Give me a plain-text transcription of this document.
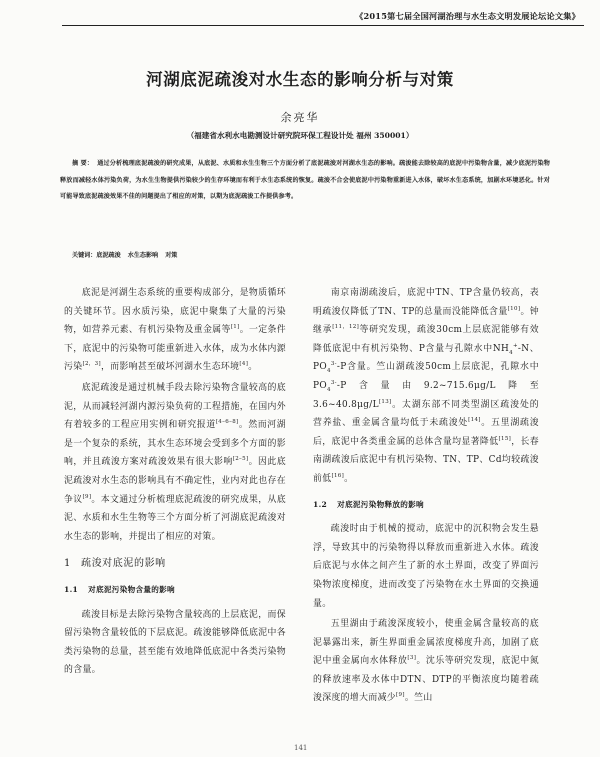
《2015第七届全国河湖治理与水生态文明发展论坛论文集》
河湖底泥疏浚对水生态的影响分析与对策
余亮华
（福建省水利水电勘测设计研究院环保工程设计处 福州 350001）
摘 要： 通过分析梳理底泥疏浚的研究成果，从底泥、水质和水生生物三个方面分析了底泥疏浚对河湖水生态的影响。疏浚能去除较高的底泥中污染物含量，减少底泥污染物释放而减轻水体污染负荷，为水生生物提供污染较少的生存环境而有利于水生态系统的恢复。疏浚不合会使底泥中污染物重新进入水体，破坏水生态系统，加剧水环境恶化。针对可能导致底泥疏浚效果不佳的问题提出了相应的对策，以期为底泥疏浚工作提供参考。
关键词：底泥疏浚 水生态影响 对策

底泥是河湖生态系统的重要构成部分，是物质循环的关键环节。因水质污染，底泥中聚集了大量的污染物，如营养元素、有机污染物及重金属等[1]。一定条件下，底泥中的污染物可能重新进入水体，成为水体内源污染[2，3]，而影响甚至破坏河湖水生态环境[4]。

底泥疏浚是通过机械手段去除污染物含量较高的底泥，从而减轻河湖内源污染负荷的工程措施，在国内外有着较多的工程应用实例和研究报道[4–6–8]。然而河湖是一个复杂的系统，其水生态环境会受到多个方面的影响，并且疏浚方案对疏浚效果有很大影响[2–5]。因此底泥疏浚对水生态的影响具有不确定性，业内对此也存在争议[9]。本文通过分析梳理底泥疏浚的研究成果，从底泥、水质和水生生物等三个方面分析了河湖底泥疏浚对水生态的影响，并提出了相应的对策。

1 疏浚对底泥的影响
1.1 对底泥污染物含量的影响

疏浚目标是去除污染物含量较高的上层底泥，而保留污染物含量较低的下层底泥。疏浚能够降低底泥中各类污染物的总量，甚至能有效地降低底泥中各类污染物的含量。

南京南湖疏浚后，底泥中TN、TP含量仍较高，表明疏浚仅降低了TN、TP的总量而没能降低含量[10]。钟继承[11，12]等研究发现，疏浚30cm上层底泥能够有效降低底泥中有机污染物、P含量与孔隙水中$NH_4^+-N$、$PO_4^{3-}-P$含量。竺山湖疏浚50cm上层底泥，孔隙水中$PO_4^{3-}-P$含量由9.2~715.6μg/L降至3.6~40.8μg/L[13]。太湖东部不同类型湖区疏浚处的营养盐、重金属含量均低于未疏浚处[14]。五里湖疏浚后，底泥中各类重金属的总体含量均显著降低[15]，长春南湖疏浚后底泥中有机污染物、TN、TP、Cd均较疏浚前低[16]。

1.2 对底泥污染物释放的影响

疏浚时由于机械的搅动，底泥中的沉积物会发生悬浮，导致其中的污染物得以释放而重新进入水体。疏浚后底泥与水体之间产生了新的水土界面，改变了界面污染物浓度梯度，进而改变了污染物在水土界面的交换通量。

五里湖由于疏浚深度较小，使重金属含量较高的底泥暴露出来，新生界面重金属浓度梯度升高，加剧了底泥中重金属向水体释放[3]。沈乐等研究发现，底泥中氮的释放速率及水体中DTN、DTP的平衡浓度均随着疏浚深度的增大而减少[9]。竺山

141
